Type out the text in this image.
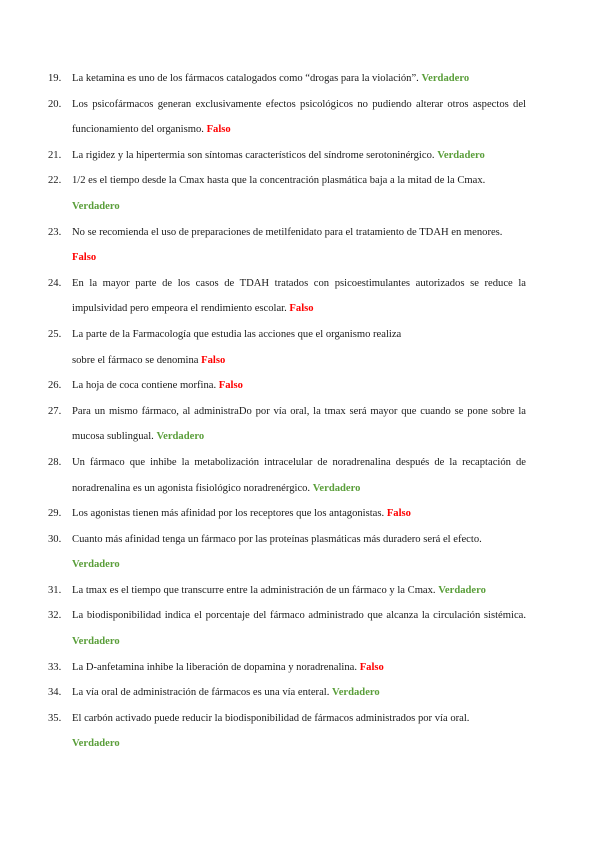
19. La ketamina es uno de los fármacos catalogados como “drogas para la violación”. Verdadero
20. Los psicofármacos generan exclusivamente efectos psicológicos no pudiendo alterar otros aspectos del funcionamiento del organismo. Falso
21. La rigidez y la hipertermia son síntomas característicos del síndrome serotoninérgico. Verdadero
22. 1/2 es el tiempo desde la Cmax hasta que la concentración plasmática baja a la mitad de la Cmax.
Verdadero
23. No se recomienda el uso de preparaciones de metilfenidato para el tratamiento de TDAH en menores.
Falso
24. En la mayor parte de los casos de TDAH tratados con psicoestimulantes autorizados se reduce la impulsividad pero empeora el rendimiento escolar. Falso
25. La parte de la Farmacología que estudia las acciones que el organismo realiza
sobre el fármaco se denomina Falso
26. La hoja de coca contiene morfina. Falso
27. Para un mismo fármaco, al administraDo por vía oral, la tmax será mayor que cuando se pone sobre la mucosa sublingual. Verdadero
28. Un fármaco que inhibe la metabolización intracelular de noradrenalina después de la recaptación de noradrenalina es un agonista fisiológico noradrenérgico. Verdadero
29. Los agonistas tienen más afinidad por los receptores que los antagonistas. Falso
30. Cuanto más afinidad tenga un fármaco por las proteínas plasmáticas más duradero será el efecto.
Verdadero
31. La tmax es el tiempo que transcurre entre la administración de un fármaco y la Cmax. Verdadero
32. La biodisponibilidad indica el porcentaje del fármaco administrado que alcanza la circulación sistémica. Verdadero
33. La D-anfetamina inhibe la liberación de dopamina y noradrenalina. Falso
34. La vía oral de administración de fármacos es una vía enteral. Verdadero
35. El carbón activado puede reducir la biodisponibilidad de fármacos administrados por vía oral.
Verdadero
